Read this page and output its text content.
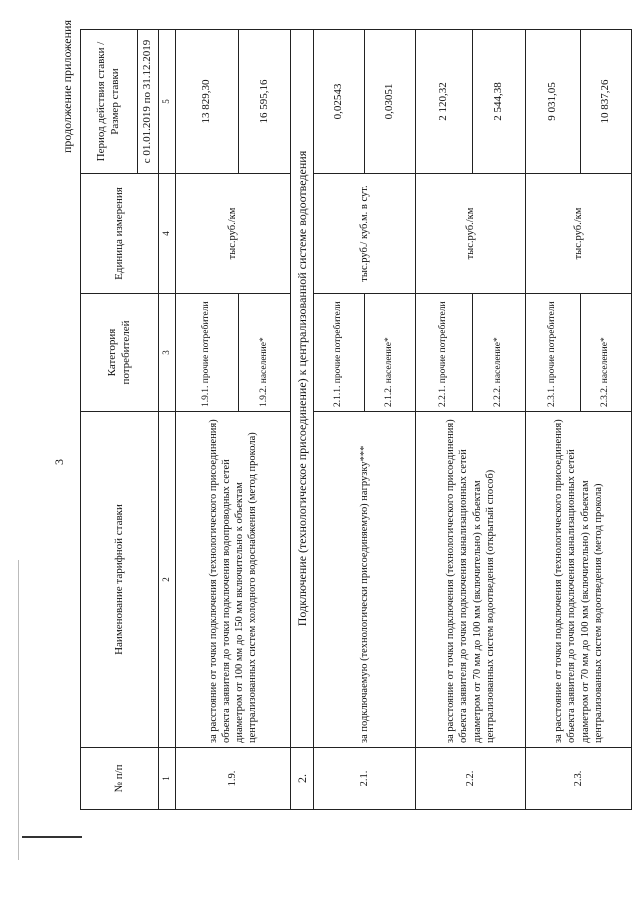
3
продолжение приложения
№ п/п	Наименование тарифной ставки	Категория потребителей	Единица измерения	Период действия ставки /Размер ставки
				с 01.01.2019 по 31.12.2019
1	2	3	4	5
1.9.	за расстояние от точки подключения (технологического присоединения) объекта заявителя до точки подключения водопроводных сетей диаметром от 100 мм до 150 мм включительно к объектам централизованных систем холодного водоснабжения (метод прокола)	1.9.1. прочие потребители	тыс.руб./км	13 829,30
		1.9.2. население*		16 595,16
2.	Подключение (технологическое присоединение) к централизованной системе водоотведения			
2.1.	за подключаемую (технологически присоединяемую) нагрузку***	2.1.1. прочие потребители	тыс.руб./ куб.м. в сут.	0,02543
		2.1.2. население*		0,03051
2.2.	за расстояние от точки подключения (технологического присоединения) объекта заявителя до точки подключения канализационных сетей диаметром от 70 мм до 100 мм (включительно) к объектам централизованных систем водоотведения (открытый способ)	2.2.1. прочие потребители	тыс.руб./км	2 120,32
		2.2.2. население*		2 544,38
2.3.	за расстояние от точки подключения (технологического присоединения) объекта заявителя до точки подключения канализационных сетей диаметром от 70 мм до 100 мм (включительно) к объектам централизованных систем водоотведения (метод прокола)	2.3.1. прочие потребители	тыс.руб./км	9 031,05
		2.3.2. население*		10 837,26
